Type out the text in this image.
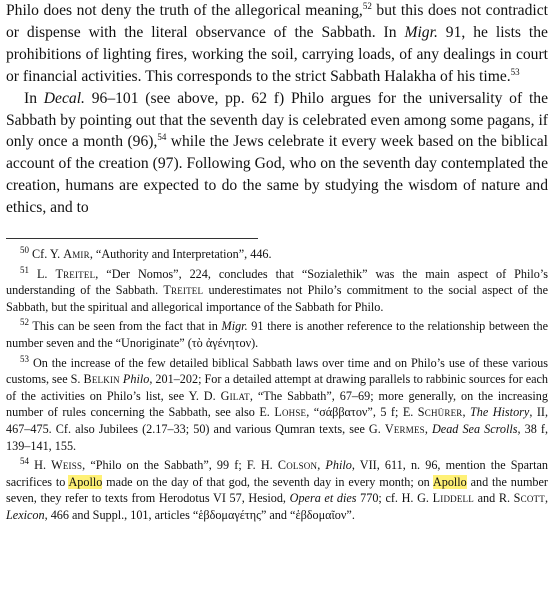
Philo does not deny the truth of the allegorical meaning,$^{52}$ but this does not contradict or dispense with the literal observance of the Sabbath. In Migr. 91, he lists the prohibitions of lighting fires, working the soil, carrying loads, of any dealings in court or financial activities. This corresponds to the strict Sabbath Halakha of his time.$^{53}$

In Decal. 96–101 (see above, pp. 62 f) Philo argues for the universality of the Sabbath by pointing out that the seventh day is celebrated even among some pagans, if only once a month (96),$^{54}$ while the Jews celebrate it every week based on the biblical account of the creation (97). Following God, who on the seventh day contemplated the creation, humans are expected to do the same by studying the wisdom of nature and ethics, and to

$^{50}$ Cf. Y. Amir, “Authority and Interpretation”, 446.

$^{51}$ L. Treitel, “Der Nomos”, 224, concludes that “Sozialethik” was the main aspect of Philo’s understanding of the Sabbath. Treitel underestimates not Philo’s commitment to the social aspect of the Sabbath, but the spiritual and allegorical importance of the Sabbath for Philo.

$^{52}$ This can be seen from the fact that in Migr. 91 there is another reference to the relationship between the number seven and the “Unoriginate” (τὸ ἀγένητον).

$^{53}$ On the increase of the few detailed biblical Sabbath laws over time and on Philo’s use of these various customs, see S. Belkin Philo, 201–202; For a detailed attempt at drawing parallels to rabbinic sources for each of the activities on Philo’s list, see Y. D. Gilat, “The Sabbath”, 67–69; more generally, on the increasing number of rules concerning the Sabbath, see also E. Lohse, “σάββατον”, 5 f; E. Schürer, The History, II, 467–475. Cf. also Jubilees (2.17–33; 50) and various Qumran texts, see G. Vermes, Dead Sea Scrolls, 38 f, 139–141, 155.

$^{54}$ H. Weiss, “Philo on the Sabbath”, 99 f; F. H. Colson, Philo, VII, 611, n. 96, mention the Spartan sacrifices to Apollo made on the day of that god, the seventh day in every month; on Apollo and the number seven, they refer to texts from Herodotus VI 57, Hesiod, Opera et dies 770; cf. H. G. Liddell and R. Scott, Lexicon, 466 and Suppl., 101, articles “ἑβδομαγέτης” and “ἑβδομαῖον”.
